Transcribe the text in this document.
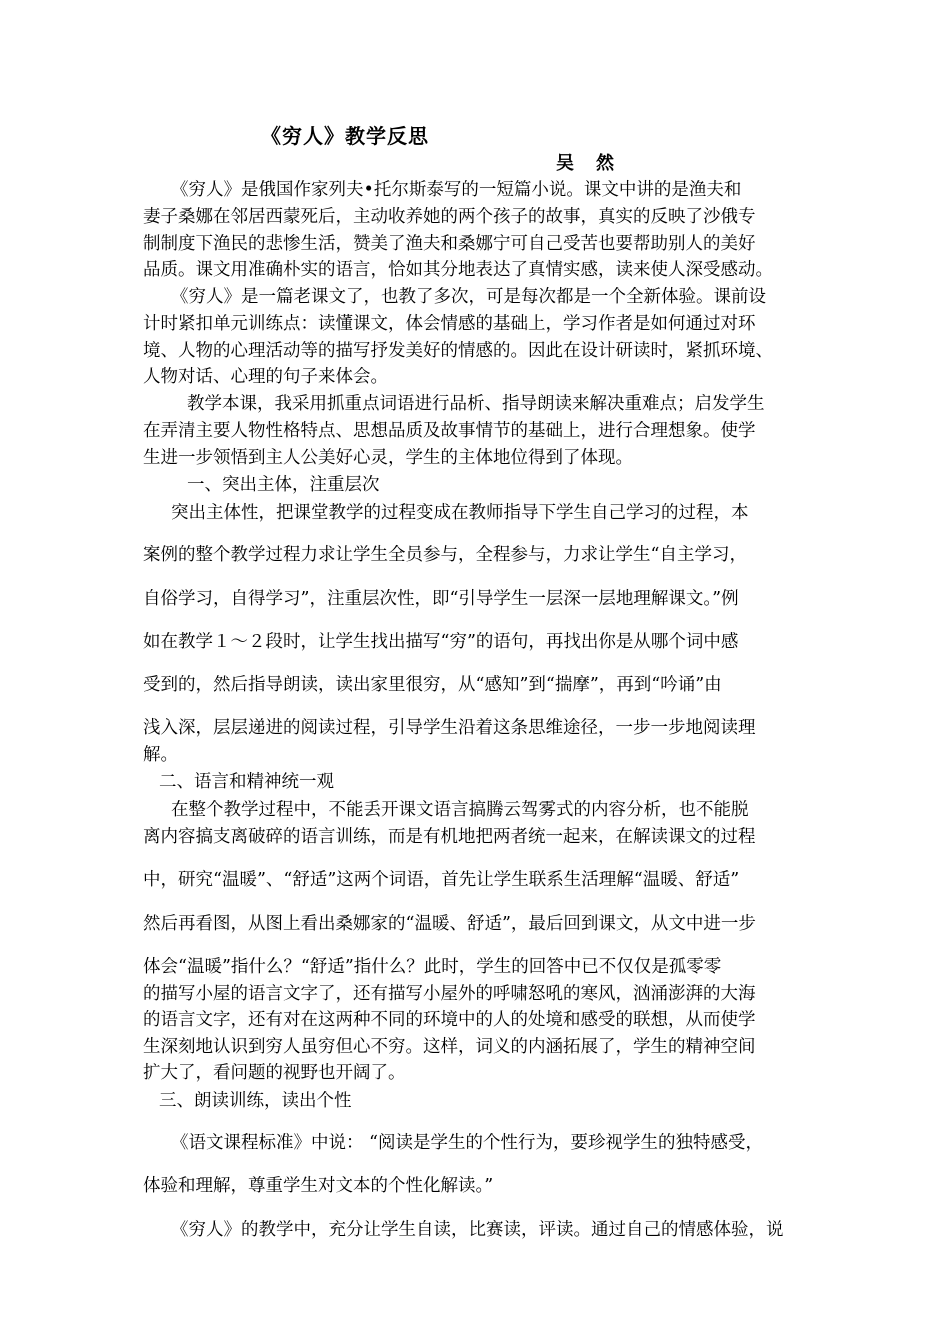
《穷人》教学反思
吴然
《穷人》是俄国作家列夫•托尔斯泰写的一短篇小说。课文中讲的是渔夫和
妻子桑娜在邻居西蒙死后，主动收养她的两个孩子的故事，真实的反映了沙俄专
制制度下渔民的悲惨生活，赞美了渔夫和桑娜宁可自己受苦也要帮助别人的美好
品质。课文用准确朴实的语言，恰如其分地表达了真情实感，读来使人深受感动。
《穷人》是一篇老课文了，也教了多次，可是每次都是一个全新体验。课前设
计时紧扣单元训练点：读懂课文，体会情感的基础上，学习作者是如何通过对环
境、人物的心理活动等的描写抒发美好的情感的。因此在设计研读时，紧抓环境、
人物对话、心理的句子来体会。
教学本课，我采用抓重点词语进行品析、指导朗读来解决重难点；启发学生
在弄清主要人物性格特点、思想品质及故事情节的基础上，进行合理想象。使学
生进一步领悟到主人公美好心灵，学生的主体地位得到了体现。
一、突出主体，注重层次
突出主体性，把课堂教学的过程变成在教师指导下学生自己学习的过程，本
案例的整个教学过程力求让学生全员参与，全程参与，力求让学生“自主学习，
自俗学习，自得学习”，注重层次性，即“引导学生一层深一层地理解课文。”例
如在教学１～２段时，让学生找出描写“穷”的语句，再找出你是从哪个词中感
受到的，然后指导朗读，读出家里很穷，从“感知”到“揣摩”，再到“吟诵”由
浅入深，层层递进的阅读过程，引导学生沿着这条思维途径，一步一步地阅读理
解。
二、语言和精神统一观
在整个教学过程中，不能丢开课文语言搞腾云驾雾式的内容分析，也不能脱
离内容搞支离破碎的语言训练，而是有机地把两者统一起来，在解读课文的过程
中，研究“温暖”、“舒适”这两个词语，首先让学生联系生活理解“温暖、舒适”
然后再看图，从图上看出桑娜家的“温暖、舒适”，最后回到课文，从文中进一步
体会“温暖”指什么？“舒适”指什么？此时，学生的回答中已不仅仅是孤零零
的描写小屋的语言文字了，还有描写小屋外的呼啸怒吼的寒风，汹涌澎湃的大海
的语言文字，还有对在这两种不同的环境中的人的处境和感受的联想，从而使学
生深刻地认识到穷人虽穷但心不穷。这样，词义的内涵拓展了，学生的精神空间
扩大了，看问题的视野也开阔了。
三、朗读训练，读出个性
《语文课程标准》中说： “阅读是学生的个性行为，要珍视学生的独特感受，
体验和理解，尊重学生对文本的个性化解读。”
《穷人》的教学中，充分让学生自读，比赛读，评读。通过自己的情感体验，说
